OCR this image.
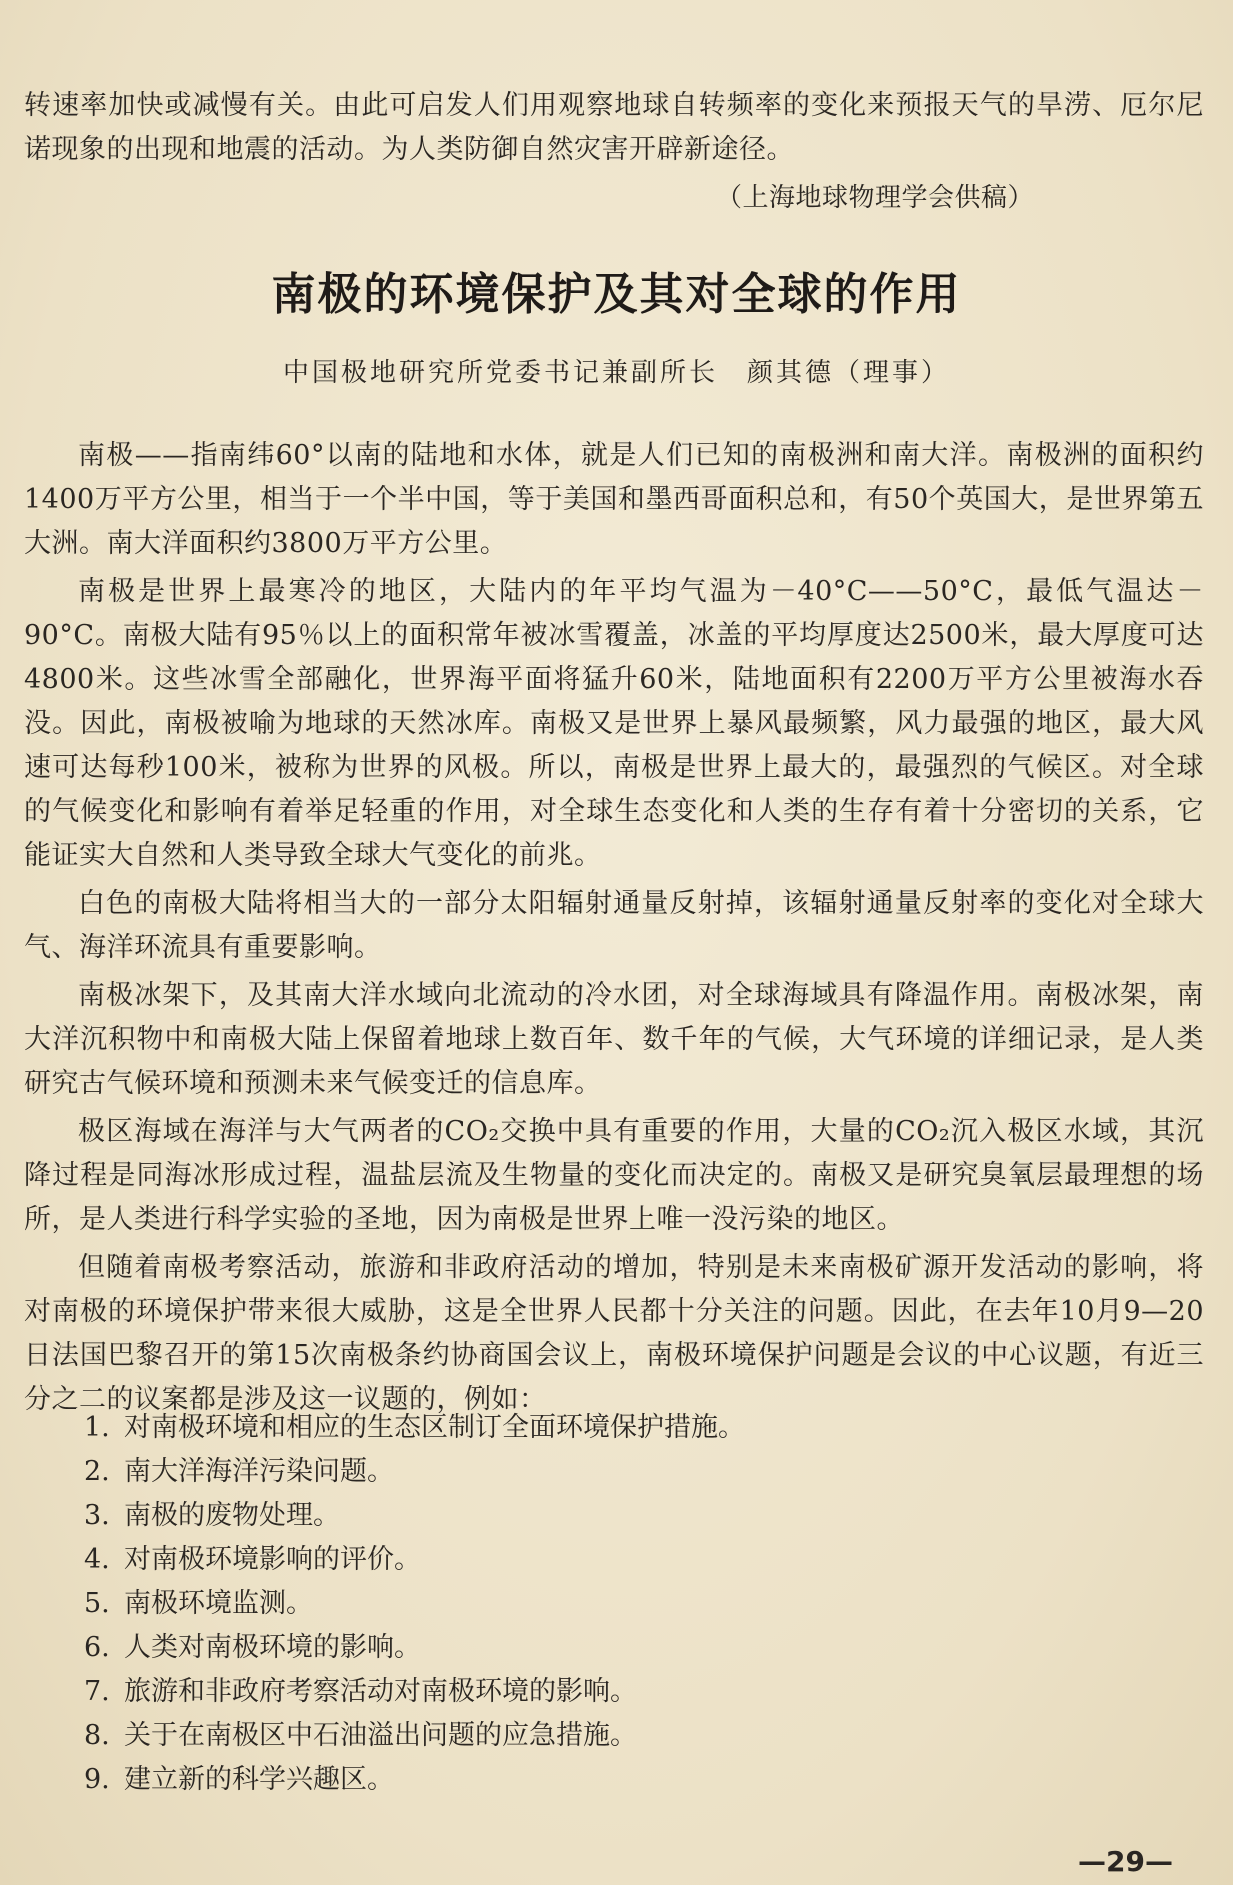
转速率加快或减慢有关。由此可启发人们用观察地球自转频率的变化来预报天气的旱涝、厄尔尼诺现象的出现和地震的活动。为人类防御自然灾害开辟新途径。

（上海地球物理学会供稿）

南极的环境保护及其对全球的作用
中国极地研究所党委书记兼副所长　颜其德（理事）

南极——指南纬60°以南的陆地和水体，就是人们已知的南极洲和南大洋。南极洲的面积约1400万平方公里，相当于一个半中国，等于美国和墨西哥面积总和，有50个英国大，是世界第五大洲。南大洋面积约3800万平方公里。

南极是世界上最寒冷的地区，大陆内的年平均气温为－40°C——50°C，最低气温达－90°C。南极大陆有95％以上的面积常年被冰雪覆盖，冰盖的平均厚度达2500米，最大厚度可达4800米。这些冰雪全部融化，世界海平面将猛升60米，陆地面积有2200万平方公里被海水吞没。因此，南极被喻为地球的天然冰库。南极又是世界上暴风最频繁，风力最强的地区，最大风速可达每秒100米，被称为世界的风极。所以，南极是世界上最大的，最强烈的气候区。对全球的气候变化和影响有着举足轻重的作用，对全球生态变化和人类的生存有着十分密切的关系，它能证实大自然和人类导致全球大气变化的前兆。

白色的南极大陆将相当大的一部分太阳辐射通量反射掉，该辐射通量反射率的变化对全球大气、海洋环流具有重要影响。

南极冰架下，及其南大洋水域向北流动的冷水团，对全球海域具有降温作用。南极冰架，南大洋沉积物中和南极大陆上保留着地球上数百年、数千年的气候，大气环境的详细记录，是人类研究古气候环境和预测未来气候变迁的信息库。

极区海域在海洋与大气两者的CO₂交换中具有重要的作用，大量的CO₂沉入极区水域，其沉降过程是同海冰形成过程，温盐层流及生物量的变化而决定的。南极又是研究臭氧层最理想的场所，是人类进行科学实验的圣地，因为南极是世界上唯一没污染的地区。

但随着南极考察活动，旅游和非政府活动的增加，特别是未来南极矿源开发活动的影响，将对南极的环境保护带来很大威胁，这是全世界人民都十分关注的问题。因此，在去年10月9—20日法国巴黎召开的第15次南极条约协商国会议上，南极环境保护问题是会议的中心议题，有近三分之二的议案都是涉及这一议题的，例如：

1. 对南极环境和相应的生态区制订全面环境保护措施。
2. 南大洋海洋污染问题。
3. 南极的废物处理。
4. 对南极环境影响的评价。
5. 南极环境监测。
6. 人类对南极环境的影响。
7. 旅游和非政府考察活动对南极环境的影响。
8. 关于在南极区中石油溢出问题的应急措施。
9. 建立新的科学兴趣区。
—29—
